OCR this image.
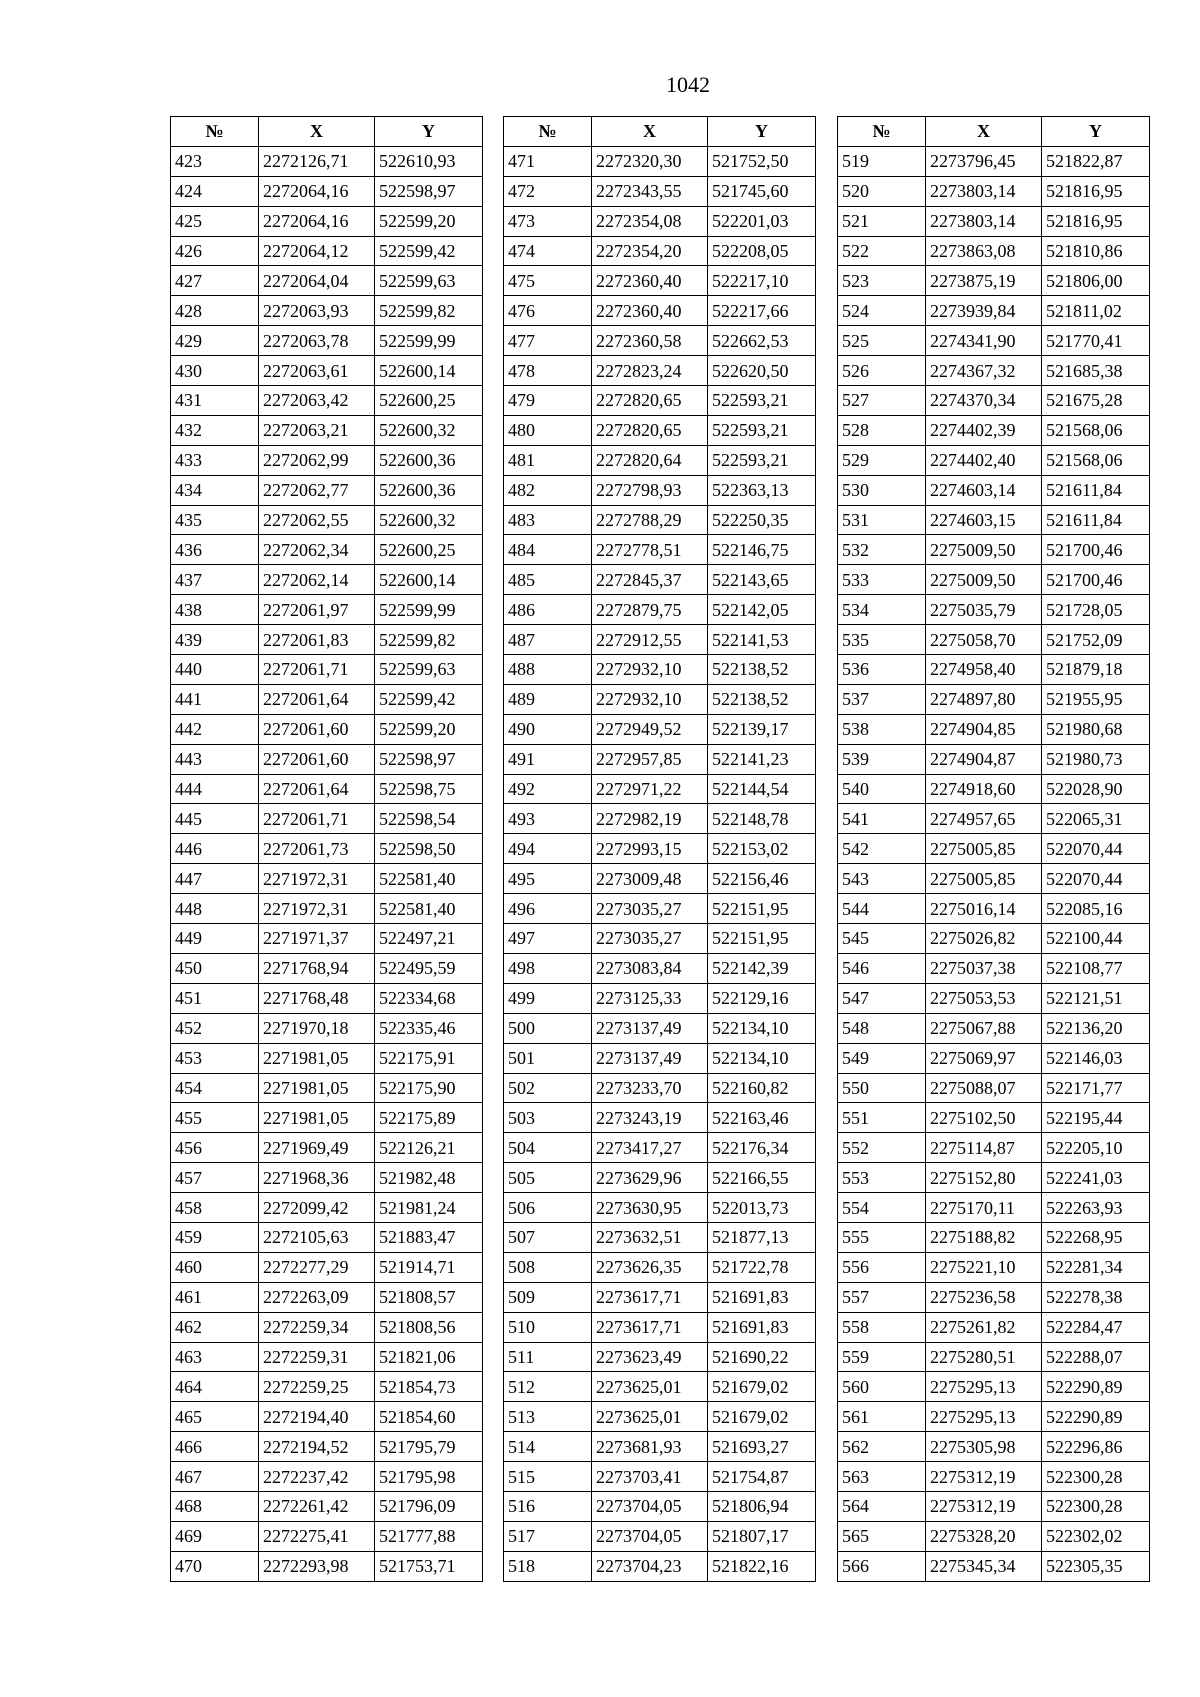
1042
№	X	Y
423	2272126,71	522610,93
424	2272064,16	522598,97
425	2272064,16	522599,20
426	2272064,12	522599,42
427	2272064,04	522599,63
428	2272063,93	522599,82
429	2272063,78	522599,99
430	2272063,61	522600,14
431	2272063,42	522600,25
432	2272063,21	522600,32
433	2272062,99	522600,36
434	2272062,77	522600,36
435	2272062,55	522600,32
436	2272062,34	522600,25
437	2272062,14	522600,14
438	2272061,97	522599,99
439	2272061,83	522599,82
440	2272061,71	522599,63
441	2272061,64	522599,42
442	2272061,60	522599,20
443	2272061,60	522598,97
444	2272061,64	522598,75
445	2272061,71	522598,54
446	2272061,73	522598,50
447	2271972,31	522581,40
448	2271972,31	522581,40
449	2271971,37	522497,21
450	2271768,94	522495,59
451	2271768,48	522334,68
452	2271970,18	522335,46
453	2271981,05	522175,91
454	2271981,05	522175,90
455	2271981,05	522175,89
456	2271969,49	522126,21
457	2271968,36	521982,48
458	2272099,42	521981,24
459	2272105,63	521883,47
460	2272277,29	521914,71
461	2272263,09	521808,57
462	2272259,34	521808,56
463	2272259,31	521821,06
464	2272259,25	521854,73
465	2272194,40	521854,60
466	2272194,52	521795,79
467	2272237,42	521795,98
468	2272261,42	521796,09
469	2272275,41	521777,88
470	2272293,98	521753,71
№	X	Y
471	2272320,30	521752,50
472	2272343,55	521745,60
473	2272354,08	522201,03
474	2272354,20	522208,05
475	2272360,40	522217,10
476	2272360,40	522217,66
477	2272360,58	522662,53
478	2272823,24	522620,50
479	2272820,65	522593,21
480	2272820,65	522593,21
481	2272820,64	522593,21
482	2272798,93	522363,13
483	2272788,29	522250,35
484	2272778,51	522146,75
485	2272845,37	522143,65
486	2272879,75	522142,05
487	2272912,55	522141,53
488	2272932,10	522138,52
489	2272932,10	522138,52
490	2272949,52	522139,17
491	2272957,85	522141,23
492	2272971,22	522144,54
493	2272982,19	522148,78
494	2272993,15	522153,02
495	2273009,48	522156,46
496	2273035,27	522151,95
497	2273035,27	522151,95
498	2273083,84	522142,39
499	2273125,33	522129,16
500	2273137,49	522134,10
501	2273137,49	522134,10
502	2273233,70	522160,82
503	2273243,19	522163,46
504	2273417,27	522176,34
505	2273629,96	522166,55
506	2273630,95	522013,73
507	2273632,51	521877,13
508	2273626,35	521722,78
509	2273617,71	521691,83
510	2273617,71	521691,83
511	2273623,49	521690,22
512	2273625,01	521679,02
513	2273625,01	521679,02
514	2273681,93	521693,27
515	2273703,41	521754,87
516	2273704,05	521806,94
517	2273704,05	521807,17
518	2273704,23	521822,16
№	X	Y
519	2273796,45	521822,87
520	2273803,14	521816,95
521	2273803,14	521816,95
522	2273863,08	521810,86
523	2273875,19	521806,00
524	2273939,84	521811,02
525	2274341,90	521770,41
526	2274367,32	521685,38
527	2274370,34	521675,28
528	2274402,39	521568,06
529	2274402,40	521568,06
530	2274603,14	521611,84
531	2274603,15	521611,84
532	2275009,50	521700,46
533	2275009,50	521700,46
534	2275035,79	521728,05
535	2275058,70	521752,09
536	2274958,40	521879,18
537	2274897,80	521955,95
538	2274904,85	521980,68
539	2274904,87	521980,73
540	2274918,60	522028,90
541	2274957,65	522065,31
542	2275005,85	522070,44
543	2275005,85	522070,44
544	2275016,14	522085,16
545	2275026,82	522100,44
546	2275037,38	522108,77
547	2275053,53	522121,51
548	2275067,88	522136,20
549	2275069,97	522146,03
550	2275088,07	522171,77
551	2275102,50	522195,44
552	2275114,87	522205,10
553	2275152,80	522241,03
554	2275170,11	522263,93
555	2275188,82	522268,95
556	2275221,10	522281,34
557	2275236,58	522278,38
558	2275261,82	522284,47
559	2275280,51	522288,07
560	2275295,13	522290,89
561	2275295,13	522290,89
562	2275305,98	522296,86
563	2275312,19	522300,28
564	2275312,19	522300,28
565	2275328,20	522302,02
566	2275345,34	522305,35
